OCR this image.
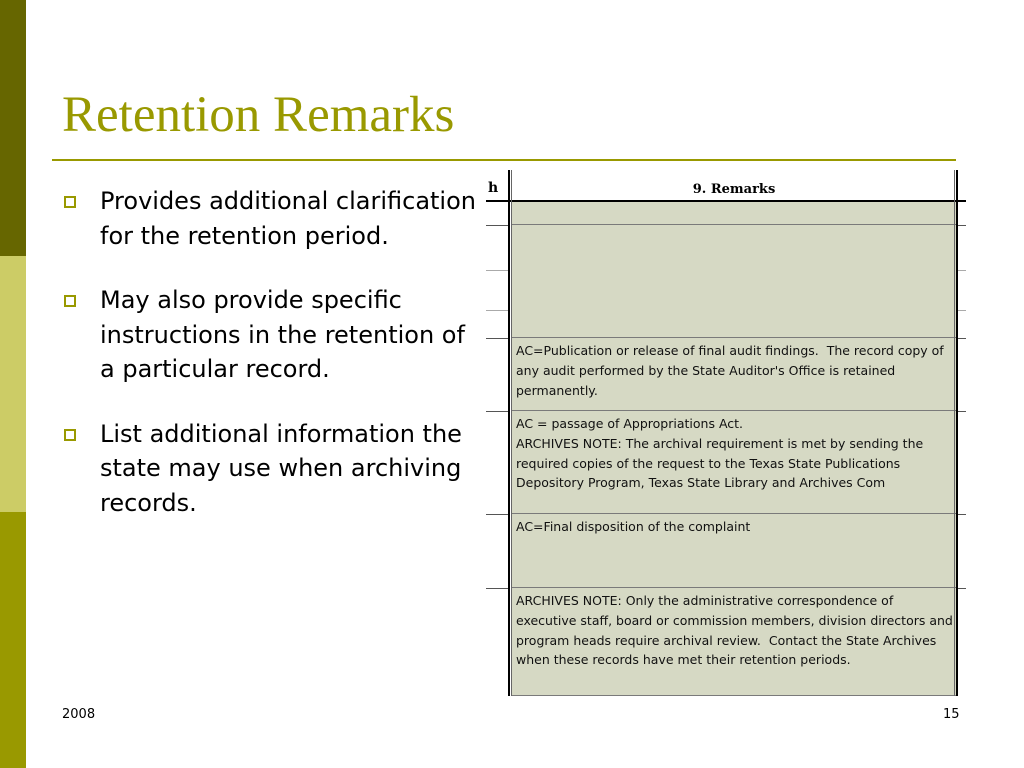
Retention Remarks
Provides additional clarification for the retention period.
May also provide specific instructions in the retention of a particular record.
List additional information the state may use when archiving records.
h	9. Remarks
AC=Publication or release of final audit findings.  The record copy of any audit performed by the State Auditor's Office is retained permanently.
AC = passage of Appropriations Act.
ARCHIVES NOTE: The archival requirement is met by sending the required copies of the request to the Texas State Publications Depository Program, Texas State Library and Archives Com
AC=Final disposition of the complaint
ARCHIVES NOTE: Only the administrative correspondence of executive staff, board or commission members, division directors and program heads require archival review.  Contact the State Archives when these records have met their retention periods.
2008	15
